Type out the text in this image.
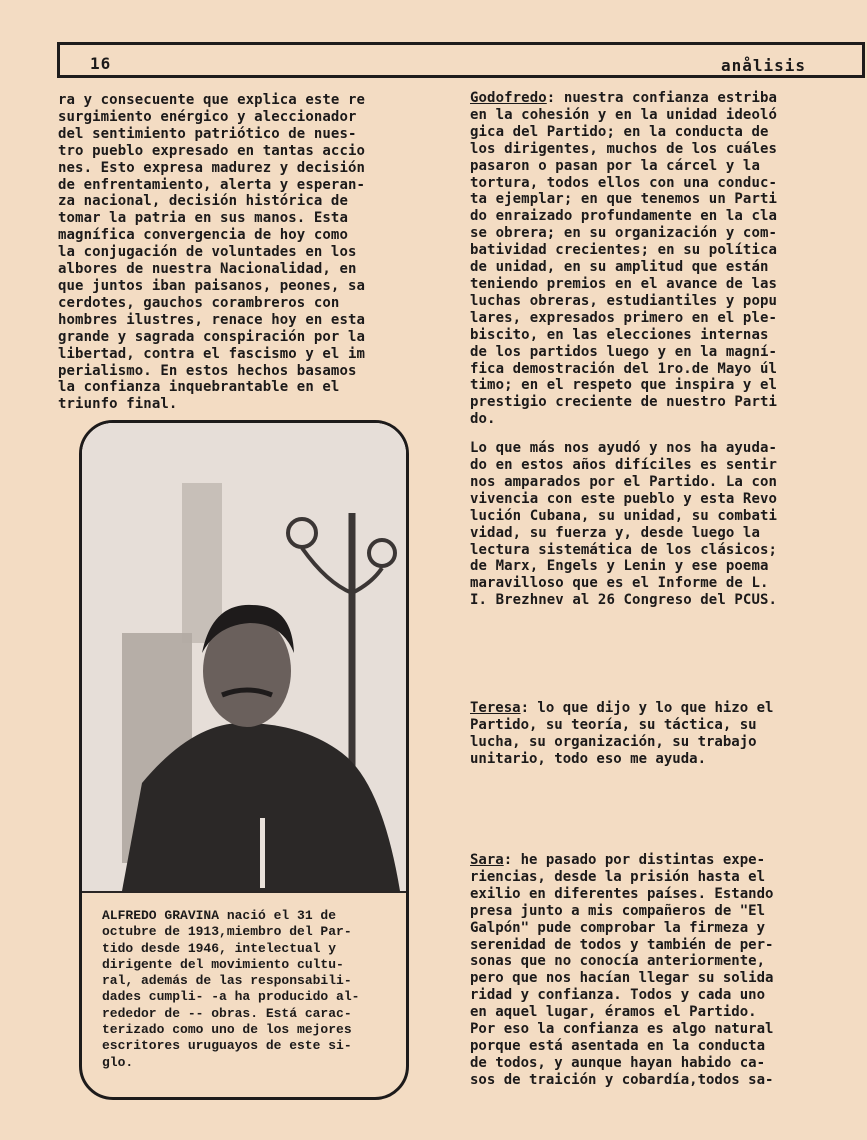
16	anålisis
ra y consecuente que explica este re
surgimiento enérgico y aleccionador
del sentimiento patriótico de nues-
tro pueblo expresado en tantas accio
nes. Esto expresa madurez y decisión
de enfrentamiento, alerta y esperan-
za nacional, decisión histórica de
tomar la patria en sus manos. Esta
magnífica convergencia de hoy como
la conjugación de voluntades en los
albores de nuestra Nacionalidad, en
que juntos iban paisanos, peones, sa
cerdotes, gauchos corambreros con
hombres ilustres, renace hoy en esta
grande y sagrada conspiración por la
libertad, contra el fascismo y el im
perialismo. En estos hechos basamos
la confianza inquebrantable en el
triunfo final.
ALFREDO GRAVINA nació el 31 de
octubre de 1913,miembro del Par-
tido desde 1946, intelectual y
dirigente del movimiento cultu-
ral, además de las responsabili-
dades cumpli- -a ha producido al-
rededor de -- obras. Está carac-
terizado como uno de los mejores
escritores uruguayos de este si-
glo.
Godofredo: nuestra confianza estriba
en la cohesión y en la unidad ideoló
gica del Partido; en la conducta de
los dirigentes, muchos de los cuáles
pasaron o pasan por la cárcel y la
tortura, todos ellos con una conduc-
ta ejemplar; en que tenemos un Parti
do enraizado profundamente en la cla
se obrera; en su organización y com-
batividad crecientes; en su política
de unidad, en su amplitud que están
teniendo premios en el avance de las
luchas obreras, estudiantiles y popu
lares, expresados primero en el ple-
biscito, en las elecciones internas
de los partidos luego y en la magní-
fica demostración del 1ro.de Mayo úl
timo; en el respeto que inspira y el
prestigio creciente de nuestro Parti
do.
Lo que más nos ayudó y nos ha ayuda-
do en estos años difíciles es sentir
nos amparados por el Partido. La con
vivencia con este pueblo y esta Revo
lución Cubana, su unidad, su combati
vidad, su fuerza y, desde luego la
lectura sistemática de los clásicos;
de Marx, Engels y Lenin y ese poema
maravilloso que es el Informe de L.
I. Brezhnev al 26 Congreso del PCUS.
Teresa: lo que dijo y lo que hizo el
Partido, su teoría, su táctica, su
lucha, su organización, su trabajo
unitario, todo eso me ayuda.
Sara: he pasado por distintas expe-
riencias, desde la prisión hasta el
exilio en diferentes países. Estando
presa junto a mis compañeros de "El
Galpón" pude comprobar la firmeza y
serenidad de todos y también de per-
sonas que no conocía anteriormente,
pero que nos hacían llegar su solida
ridad y confianza. Todos y cada uno
en aquel lugar, éramos el Partido.
Por eso la confianza es algo natural
porque está asentada en la conducta
de todos, y aunque hayan habido ca-
sos de traición y cobardía,todos sa-
